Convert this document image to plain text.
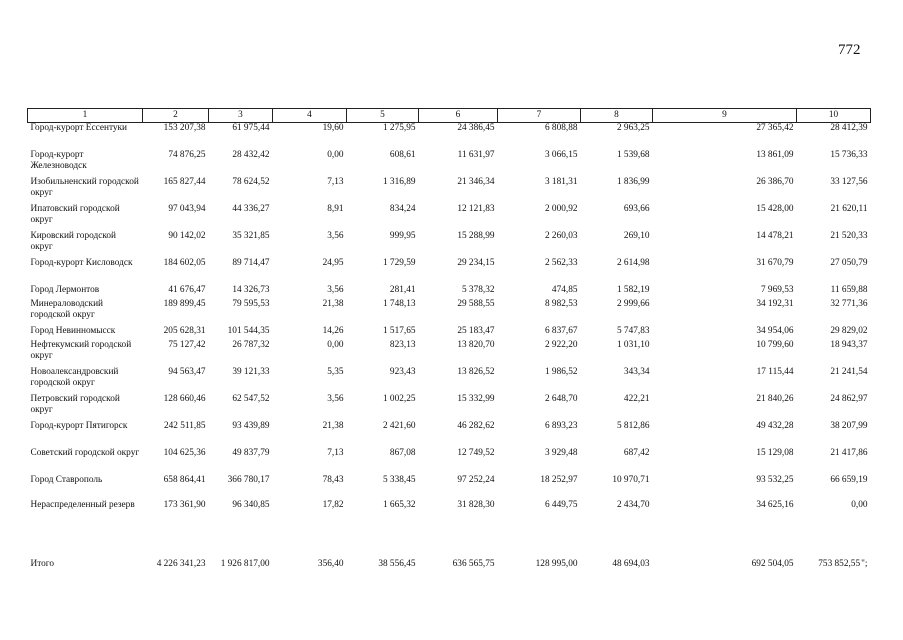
772
1	2	3	4	5	6	7	8	9	10
Город-курорт Ессентуки	153 207,38	61 975,44	19,60	1 275,95	24 386,45	6 808,88	2 963,25	27 365,42	28 412,39
Город-курорт Железноводск	74 876,25	28 432,42	0,00	608,61	11 631,97	3 066,15	1 539,68	13 861,09	15 736,33
Изобильненский городской округ	165 827,44	78 624,52	7,13	1 316,89	21 346,34	3 181,31	1 836,99	26 386,70	33 127,56
Ипатовский городской округ	97 043,94	44 336,27	8,91	834,24	12 121,83	2 000,92	693,66	15 428,00	21 620,11
Кировский городской округ	90 142,02	35 321,85	3,56	999,95	15 288,99	2 260,03	269,10	14 478,21	21 520,33
Город-курорт Кисловодск	184 602,05	89 714,47	24,95	1 729,59	29 234,15	2 562,33	2 614,98	31 670,79	27 050,79
Город Лермонтов	41 676,47	14 326,73	3,56	281,41	5 378,32	474,85	1 582,19	7 969,53	11 659,88
Минераловодский городской округ	189 899,45	79 595,53	21,38	1 748,13	29 588,55	8 982,53	2 999,66	34 192,31	32 771,36
Город Невинномысск	205 628,31	101 544,35	14,26	1 517,65	25 183,47	6 837,67	5 747,83	34 954,06	29 829,02
Нефтекумский городской округ	75 127,42	26 787,32	0,00	823,13	13 820,70	2 922,20	1 031,10	10 799,60	18 943,37
Новоалександровский городской округ	94 563,47	39 121,33	5,35	923,43	13 826,52	1 986,52	343,34	17 115,44	21 241,54
Петровский городской округ	128 660,46	62 547,52	3,56	1 002,25	15 332,99	2 648,70	422,21	21 840,26	24 862,97
Город-курорт Пятигорск	242 511,85	93 439,89	21,38	2 421,60	46 282,62	6 893,23	5 812,86	49 432,28	38 207,99
Советский городской округ	104 625,36	49 837,79	7,13	867,08	12 749,52	3 929,48	687,42	15 129,08	21 417,86
Город Ставрополь	658 864,41	366 780,17	78,43	5 338,45	97 252,24	18 252,97	10 970,71	93 532,25	66 659,19

Нераспределенный резерв	173 361,90	96 340,85	17,82	1 665,32	31 828,30	6 449,75	2 434,70	34 625,16	0,00

Итого	4 226 341,23	1 926 817,00	356,40	38 556,45	636 565,75	128 995,00	48 694,03	692 504,05	753 852,55";
